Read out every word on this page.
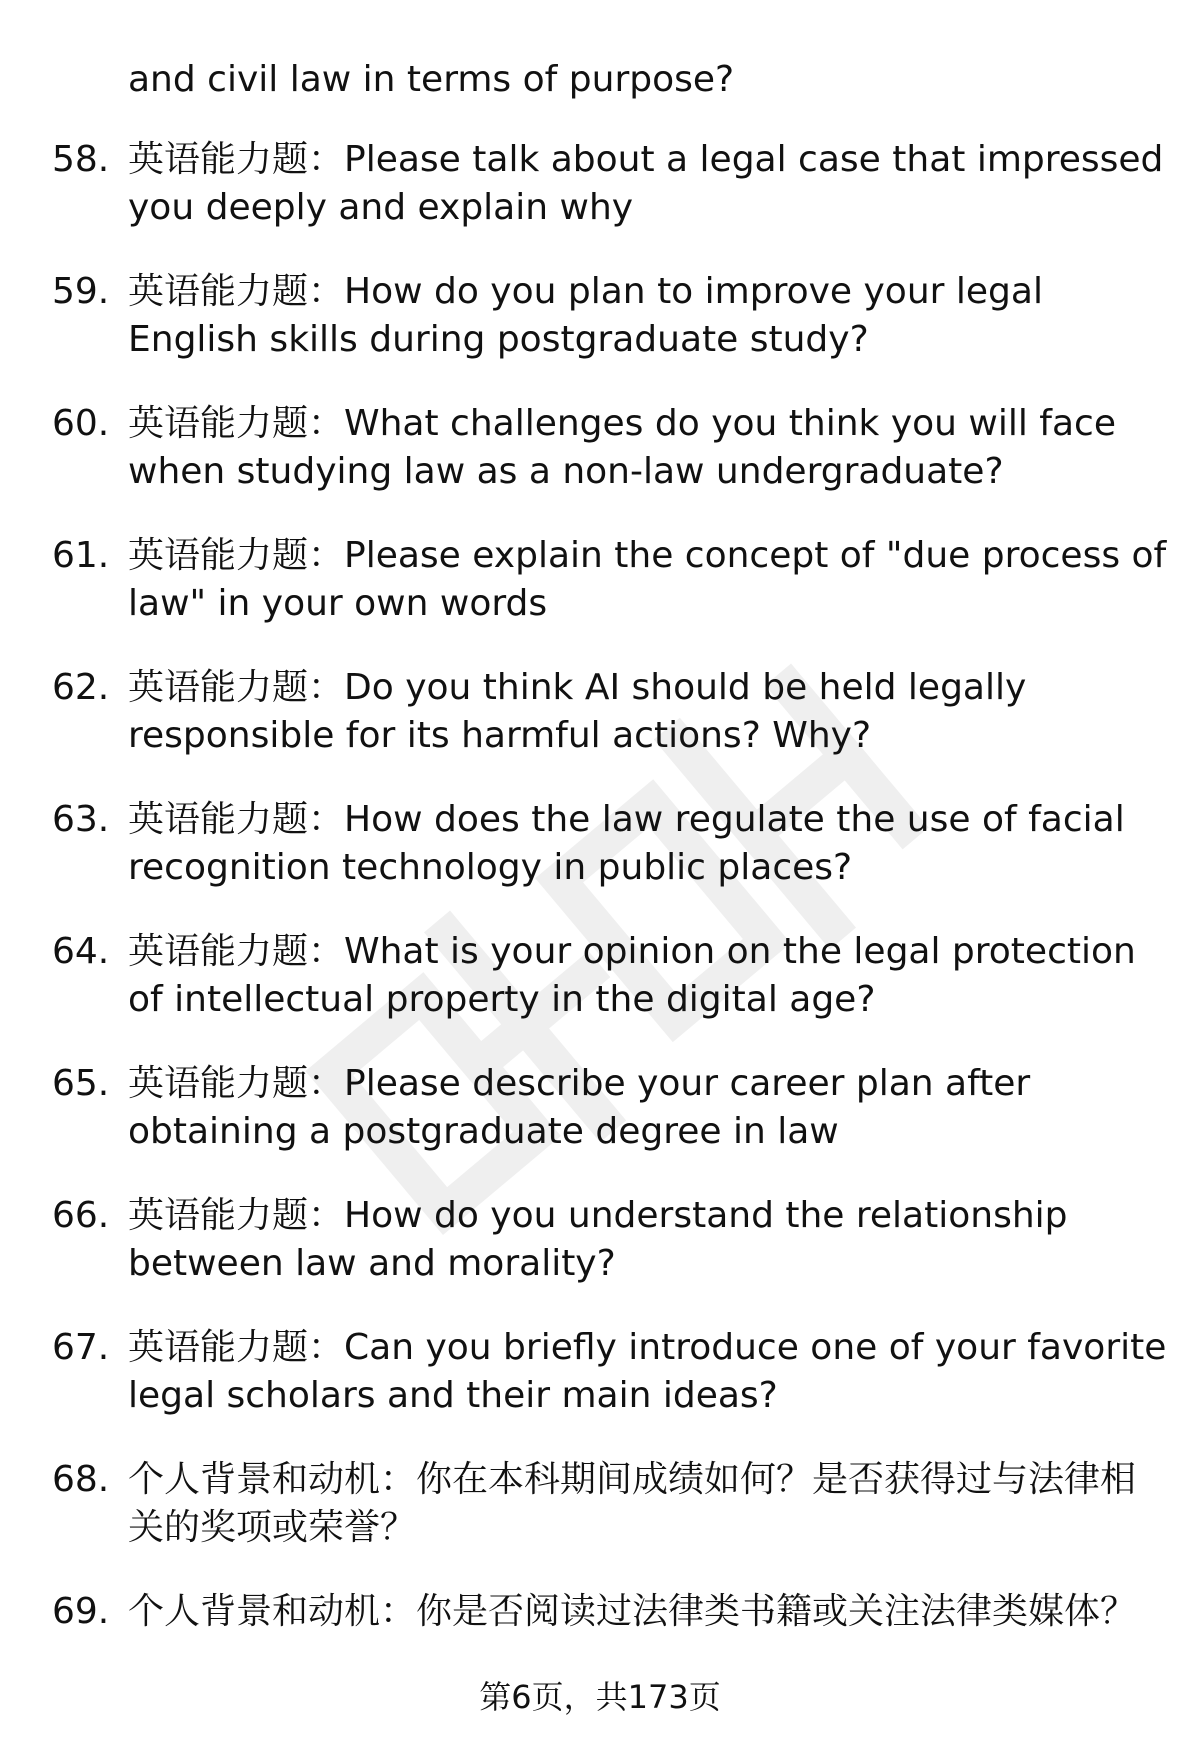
and civil law in terms of purpose?
58. 英语能力题：Please talk about a legal case that impressed you deeply and explain why
59. 英语能力题：How do you plan to improve your legal English skills during postgraduate study?
60. 英语能力题：What challenges do you think you will face when studying law as a non-law undergraduate?
61. 英语能力题：Please explain the concept of "due process of law" in your own words
62. 英语能力题：Do you think AI should be held legally responsible for its harmful actions? Why?
63. 英语能力题：How does the law regulate the use of facial recognition technology in public places?
64. 英语能力题：What is your opinion on the legal protection of intellectual property in the digital age?
65. 英语能力题：Please describe your career plan after obtaining a postgraduate degree in law
66. 英语能力题：How do you understand the relationship between law and morality?
67. 英语能力题：Can you briefly introduce one of your favorite legal scholars and their main ideas?
68. 个人背景和动机：你在本科期间成绩如何？是否获得过与法律相关的奖项或荣誉？
69. 个人背景和动机：你是否阅读过法律类书籍或关注法律类媒体？
第6页，共173页
